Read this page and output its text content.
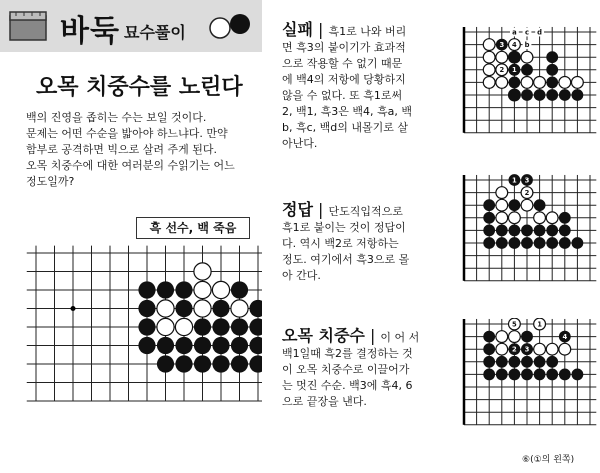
바둑 묘수풀이
오목 치중수를 노린다
백의 진영을 좁히는 수는 보일 것이다.
문제는 어떤 수순을 밟아야 하느냐다. 만약
함부로 공격하면 빅으로 살려 주게 된다.
오목 치중수에 대한 여러분의 수읽기는 어느
정도일까?
흑 선수, 백 죽음
실패 | 흑1로 나와 버리
면 흑3의 붙이기가 효과적
으로 작용할 수 없기 때문
에 백4의 저항에 당황하지
않을 수 없다. 또 흑1로써
2, 백1, 흑3은 백4, 흑a, 백
b, 흑c, 백d의 내몰기로 살
아난다.
정답 | 단도직입적으로
흑1로 붙이는 것이 정답이
다. 역시 백2로 저항하는
정도. 여기에서 흑3으로 몰
아 간다.
오목 치중수 | 이 어 서
백1일때 흑2를 결정하는 것
이 오목 치중수로 이끌어가
는 멋진 수순. 백3에 흑4, 6
으로 끝장을 낸다.
3 4
1
2
a c d
b
1 3
2
5	1
4
2 3
⑥(①의 왼쪽)
